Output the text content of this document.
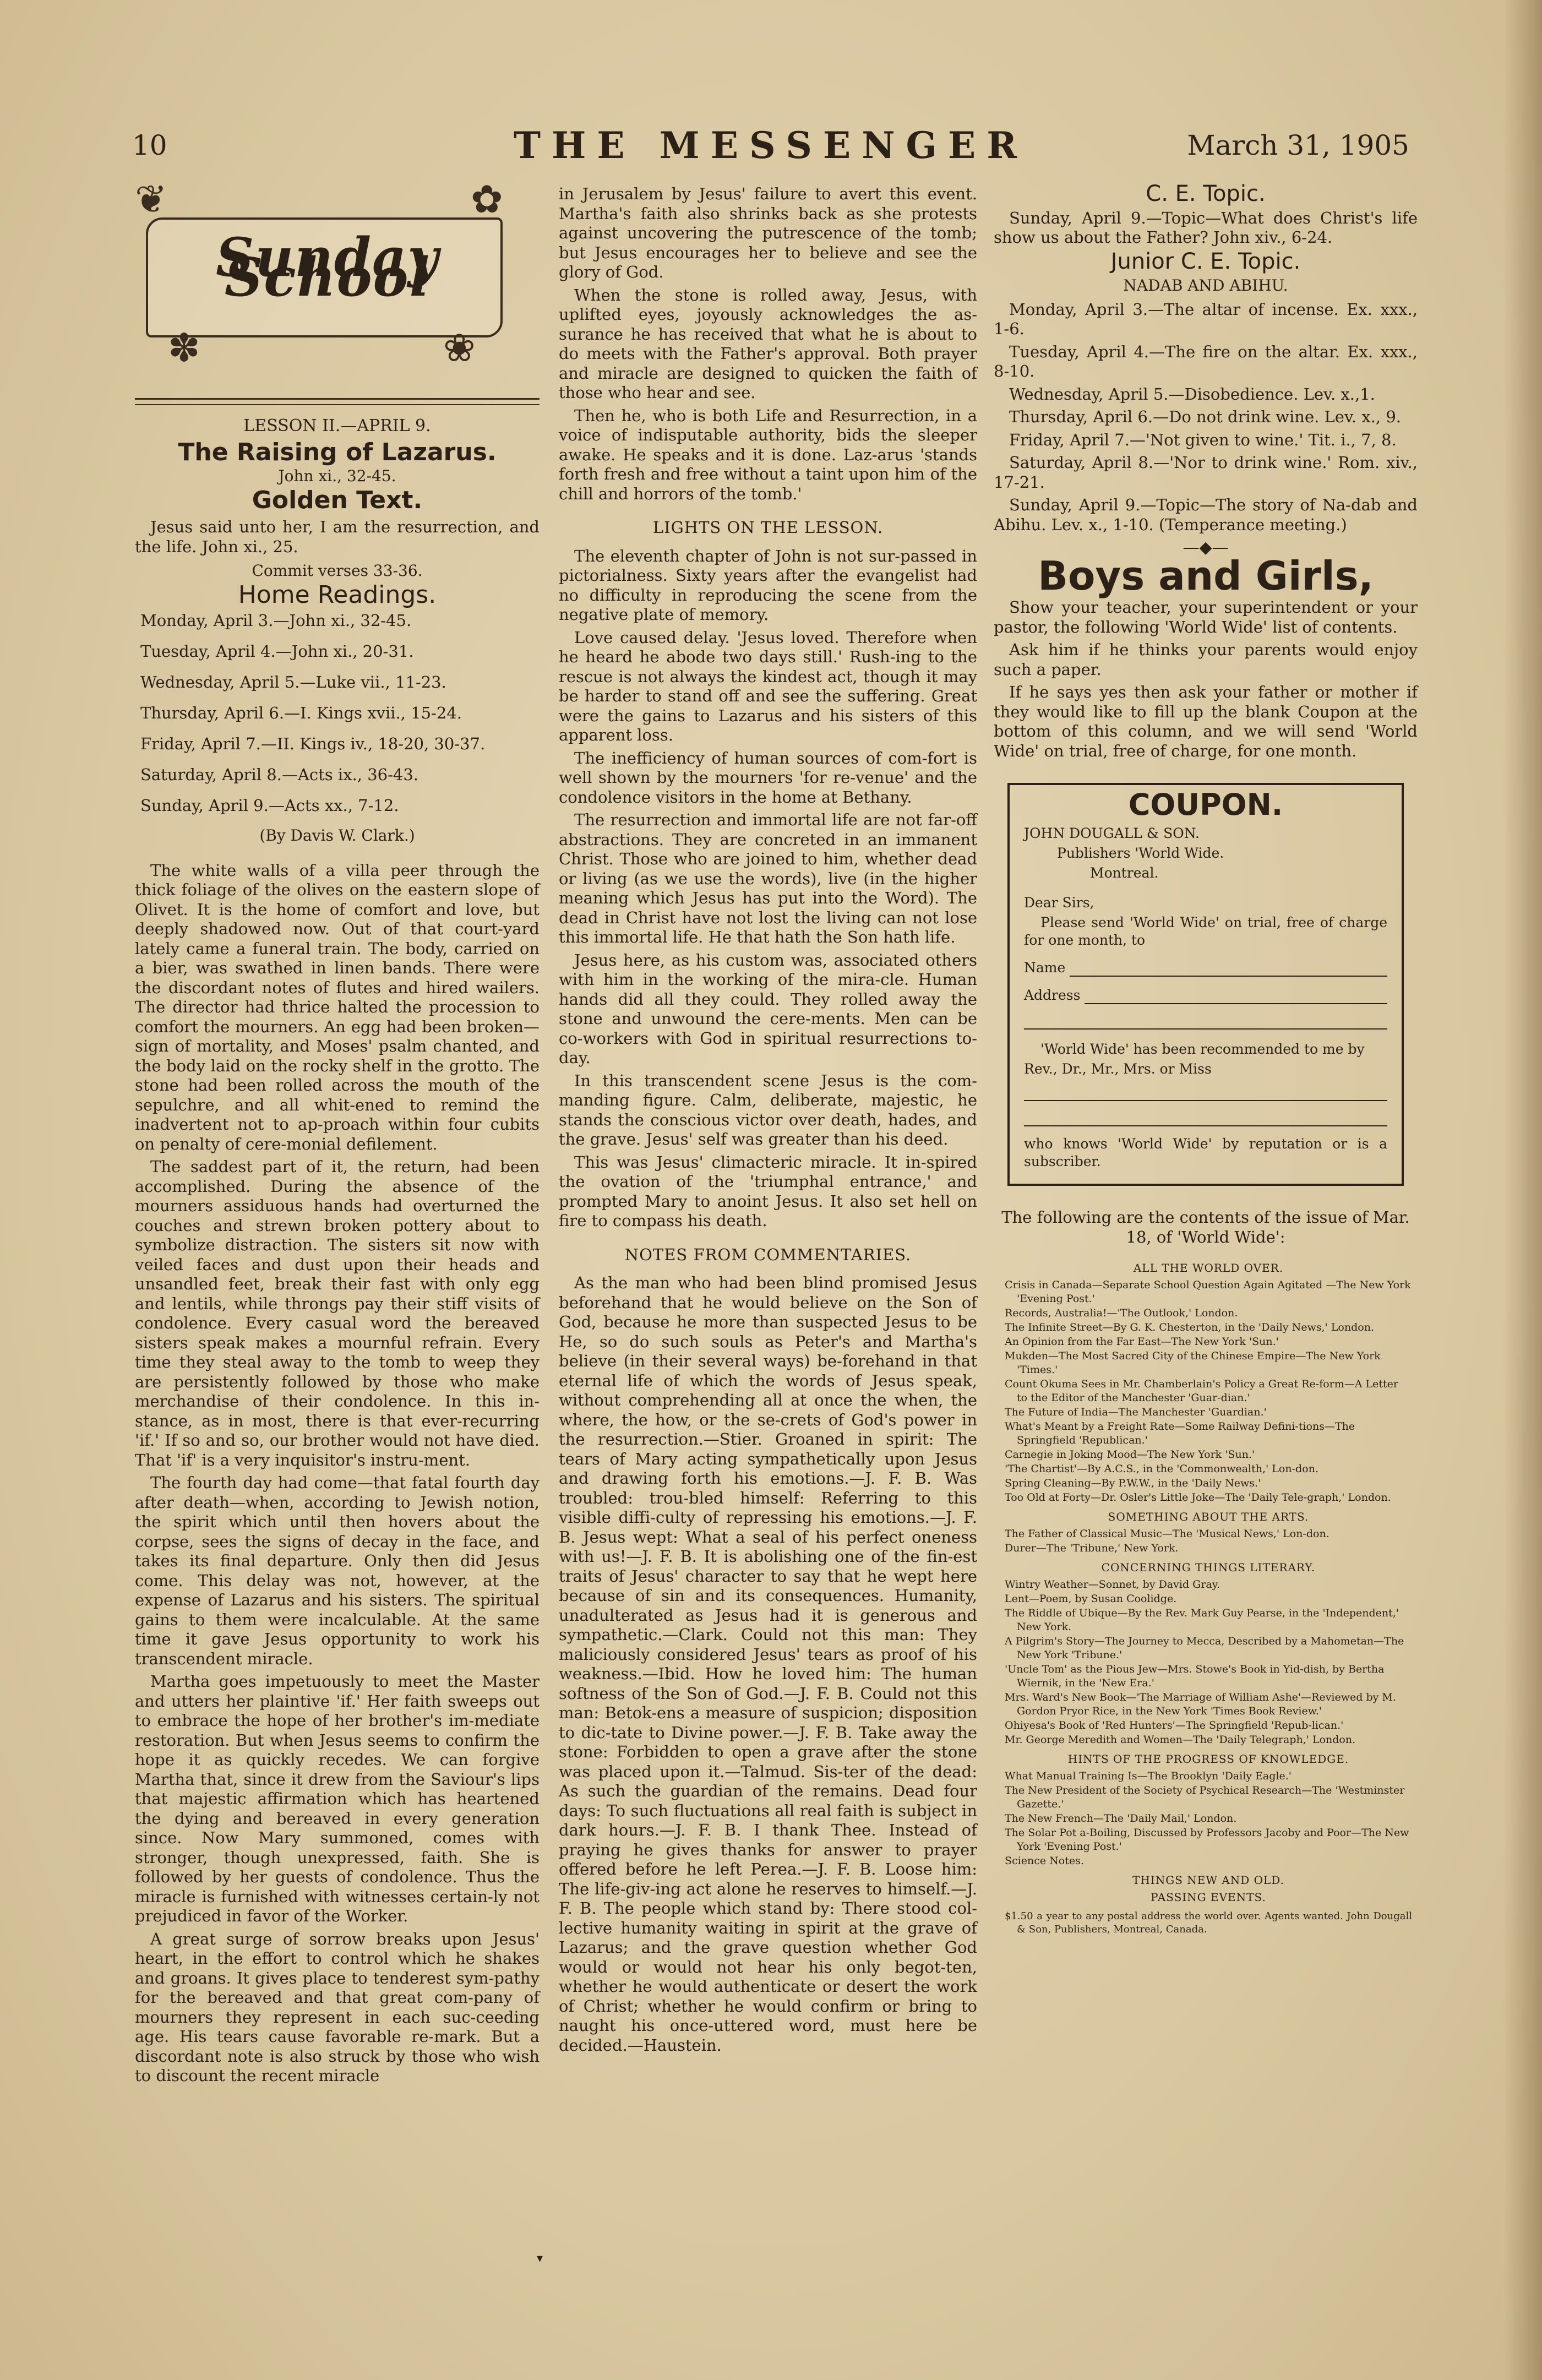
10	THE MESSENGER	March 31, 1905
❦	✿
✽	❀
Sunday School
LESSON II.—APRIL 9.
The Raising of Lazarus.
John xi., 32-45.
Golden Text.

Jesus said unto her, I am the resurrection, and the life. John xi., 25.

Commit verses 33-36.
Home Readings.
Monday, April 3.—John xi., 32-45.
Tuesday, April 4.—John xi., 20-31.
Wednesday, April 5.—Luke vii., 11-23.
Thursday, April 6.—I. Kings xvii., 15-24.
Friday, April 7.—II. Kings iv., 18-20, 30-37.
Saturday, April 8.—Acts ix., 36-43.
Sunday, April 9.—Acts xx., 7-12.
(By Davis W. Clark.)

The white walls of a villa peer through the thick foliage of the olives on the eastern slope of Olivet. It is the home of comfort and love, but deeply shadowed now. Out of that court-yard lately came a funeral train. The body, carried on a bier, was swathed in linen bands. There were the discordant notes of flutes and hired wailers. The director had thrice halted the procession to comfort the mourners. An egg had been broken—sign of mortality, and Moses' psalm chanted, and the body laid on the rocky shelf in the grotto. The stone had been rolled across the mouth of the sepulchre, and all whit-ened to remind the inadvertent not to ap-proach within four cubits on penalty of cere-monial defilement.

The saddest part of it, the return, had been accomplished. During the absence of the mourners assiduous hands had overturned the couches and strewn broken pottery about to symbolize distraction. The sisters sit now with veiled faces and dust upon their heads and unsandled feet, break their fast with only egg and lentils, while throngs pay their stiff visits of condolence. Every casual word the bereaved sisters speak makes a mournful refrain. Every time they steal away to the tomb to weep they are persistently followed by those who make merchandise of their condolence. In this in-stance, as in most, there is that ever-recurring 'if.' If so and so, our brother would not have died. That 'if' is a very inquisitor's instru-ment.

The fourth day had come—that fatal fourth day after death—when, according to Jewish notion, the spirit which until then hovers about the corpse, sees the signs of decay in the face, and takes its final departure. Only then did Jesus come. This delay was not, however, at the expense of Lazarus and his sisters. The spiritual gains to them were incalculable. At the same time it gave Jesus opportunity to work his transcendent miracle.

Martha goes impetuously to meet the Master and utters her plaintive 'if.' Her faith sweeps out to embrace the hope of her brother's im-mediate restoration. But when Jesus seems to confirm the hope it as quickly recedes. We can forgive Martha that, since it drew from the Saviour's lips that majestic affirmation which has heartened the dying and bereaved in every generation since. Now Mary summoned, comes with stronger, though unexpressed, faith. She is followed by her guests of condolence. Thus the miracle is furnished with witnesses certain-ly not prejudiced in favor of the Worker.

A great surge of sorrow breaks upon Jesus' heart, in the effort to control which he shakes and groans. It gives place to tenderest sym-pathy for the bereaved and that great com-pany of mourners they represent in each suc-ceeding age. His tears cause favorable re-mark. But a discordant note is also struck by those who wish to discount the recent miracle

in Jerusalem by Jesus' failure to avert this event. Martha's faith also shrinks back as she protests against uncovering the putrescence of the tomb; but Jesus encourages her to believe and see the glory of God.

When the stone is rolled away, Jesus, with uplifted eyes, joyously acknowledges the as-surance he has received that what he is about to do meets with the Father's approval. Both prayer and miracle are designed to quicken the faith of those who hear and see.

Then he, who is both Life and Resurrection, in a voice of indisputable authority, bids the sleeper awake. He speaks and it is done. Laz-arus 'stands forth fresh and free without a taint upon him of the chill and horrors of the tomb.'

LIGHTS ON THE LESSON.

The eleventh chapter of John is not sur-passed in pictorialness. Sixty years after the evangelist had no difficulty in reproducing the scene from the negative plate of memory.

Love caused delay. 'Jesus loved. Therefore when he heard he abode two days still.' Rush-ing to the rescue is not always the kindest act, though it may be harder to stand off and see the suffering. Great were the gains to Lazarus and his sisters of this apparent loss.

The inefficiency of human sources of com-fort is well shown by the mourners 'for re-venue' and the condolence visitors in the home at Bethany.

The resurrection and immortal life are not far-off abstractions. They are concreted in an immanent Christ. Those who are joined to him, whether dead or living (as we use the words), live (in the higher meaning which Jesus has put into the Word). The dead in Christ have not lost the living can not lose this immortal life. He that hath the Son hath life.

Jesus here, as his custom was, associated others with him in the working of the mira-cle. Human hands did all they could. They rolled away the stone and unwound the cere-ments. Men can be co-workers with God in spiritual resurrections to-day.

In this transcendent scene Jesus is the com-manding figure. Calm, deliberate, majestic, he stands the conscious victor over death, hades, and the grave. Jesus' self was greater than his deed.

This was Jesus' climacteric miracle. It in-spired the ovation of the 'triumphal entrance,' and prompted Mary to anoint Jesus. It also set hell on fire to compass his death.

NOTES FROM COMMENTARIES.

As the man who had been blind promised Jesus beforehand that he would believe on the Son of God, because he more than suspected Jesus to be He, so do such souls as Peter's and Martha's believe (in their several ways) be-forehand in that eternal life of which the words of Jesus speak, without comprehending all at once the when, the where, the how, or the se-crets of God's power in the resurrection.—Stier. Groaned in spirit: The tears of Mary acting sympathetically upon Jesus and drawing forth his emotions.—J. F. B. Was troubled: trou-bled himself: Referring to this visible diffi-culty of repressing his emotions.—J. F. B. Jesus wept: What a seal of his perfect oneness with us!—J. F. B. It is abolishing one of the fin-est traits of Jesus' character to say that he wept here because of sin and its consequences. Humanity, unadulterated as Jesus had it is generous and sympathetic.—Clark. Could not this man: They maliciously considered Jesus' tears as proof of his weakness.—Ibid. How he loved him: The human softness of the Son of God.—J. F. B. Could not this man: Betok-ens a measure of suspicion; disposition to dic-tate to Divine power.—J. F. B. Take away the stone: Forbidden to open a grave after the stone was placed upon it.—Talmud. Sis-ter of the dead: As such the guardian of the remains. Dead four days: To such fluctuations all real faith is subject in dark hours.—J. F. B. I thank Thee. Instead of praying he gives thanks for answer to prayer offered before he left Perea.—J. F. B. Loose him: The life-giv-ing act alone he reserves to himself.—J. F. B. The people which stand by: There stood col-lective humanity waiting in spirit at the grave of Lazarus; and the grave question whether God would or would not hear his only begot-ten, whether he would authenticate or desert the work of Christ; whether he would confirm or bring to naught his once-uttered word, must here be decided.—Haustein.

C. E. Topic.

Sunday, April 9.—Topic—What does Christ's life show us about the Father? John xiv., 6-24.

Junior C. E. Topic.
NADAB AND ABIHU.

Monday, April 3.—The altar of incense. Ex. xxx., 1-6.

Tuesday, April 4.—The fire on the altar. Ex. xxx., 8-10.

Wednesday, April 5.—Disobedience. Lev. x.,1.

Thursday, April 6.—Do not drink wine. Lev. x., 9.

Friday, April 7.—'Not given to wine.' Tit. i., 7, 8.

Saturday, April 8.—'Nor to drink wine.' Rom. xiv., 17-21.

Sunday, April 9.—Topic—The story of Na-dab and Abihu. Lev. x., 1-10. (Temperance meeting.)

—◆—
Boys and Girls,

Show your teacher, your superintendent or your pastor, the following 'World Wide' list of contents.

Ask him if he thinks your parents would enjoy such a paper.

If he says yes then ask your father or mother if they would like to fill up the blank Coupon at the bottom of this column, and we will send 'World Wide' on trial, free of charge, for one month.

COUPON.
JOHN DOUGALL & SON.
Publishers 'World Wide.
Montreal.
Dear Sirs,
Please send 'World Wide' on trial, free of charge for one month, to
Name
Address
'World Wide' has been recommended to me by
Rev., Dr., Mr., Mrs. or Miss
who knows 'World Wide' by reputation or is a subscriber.
The following are the contents of the issue of Mar. 18, of 'World Wide':
ALL THE WORLD OVER.
Crisis in Canada—Separate School Question Again Agitated —The New York 'Evening Post.'
Records, Australia!—'The Outlook,' London.
The Infinite Street—By G. K. Chesterton, in the 'Daily News,' London.
An Opinion from the Far East—The New York 'Sun.'
Mukden—The Most Sacred City of the Chinese Empire—The New York 'Times.'
Count Okuma Sees in Mr. Chamberlain's Policy a Great Re-form—A Letter to the Editor of the Manchester 'Guar-dian.'
The Future of India—The Manchester 'Guardian.'
What's Meant by a Freight Rate—Some Railway Defini-tions—The Springfield 'Republican.'
Carnegie in Joking Mood—The New York 'Sun.'
'The Chartist'—By A.C.S., in the 'Commonwealth,' Lon-don.
Spring Cleaning—By P.W.W., in the 'Daily News.'
Too Old at Forty—Dr. Osler's Little Joke—The 'Daily Tele-graph,' London.
SOMETHING ABOUT THE ARTS.
The Father of Classical Music—The 'Musical News,' Lon-don.
Durer—The 'Tribune,' New York.
CONCERNING THINGS LITERARY.
Wintry Weather—Sonnet, by David Gray.
Lent—Poem, by Susan Coolidge.
The Riddle of Ubique—By the Rev. Mark Guy Pearse, in the 'Independent,' New York.
A Pilgrim's Story—The Journey to Mecca, Described by a Mahometan—The New York 'Tribune.'
'Uncle Tom' as the Pious Jew—Mrs. Stowe's Book in Yid-dish, by Bertha Wiernik, in the 'New Era.'
Mrs. Ward's New Book—'The Marriage of William Ashe'—Reviewed by M. Gordon Pryor Rice, in the New York 'Times Book Review.'
Ohiyesa's Book of 'Red Hunters'—The Springfield 'Repub-lican.'
Mr. George Meredith and Women—The 'Daily Telegraph,' London.
HINTS OF THE PROGRESS OF KNOWLEDGE.
What Manual Training Is—The Brooklyn 'Daily Eagle.'
The New President of the Society of Psychical Research—The 'Westminster Gazette.'
The New French—The 'Daily Mail,' London.
The Solar Pot a-Boiling, Discussed by Professors Jacoby and Poor—The New York 'Evening Post.'
Science Notes.
THINGS NEW AND OLD.
PASSING EVENTS.
$1.50 a year to any postal address the world over. Agents wanted. John Dougall & Son, Publishers, Montreal, Canada.
▾
